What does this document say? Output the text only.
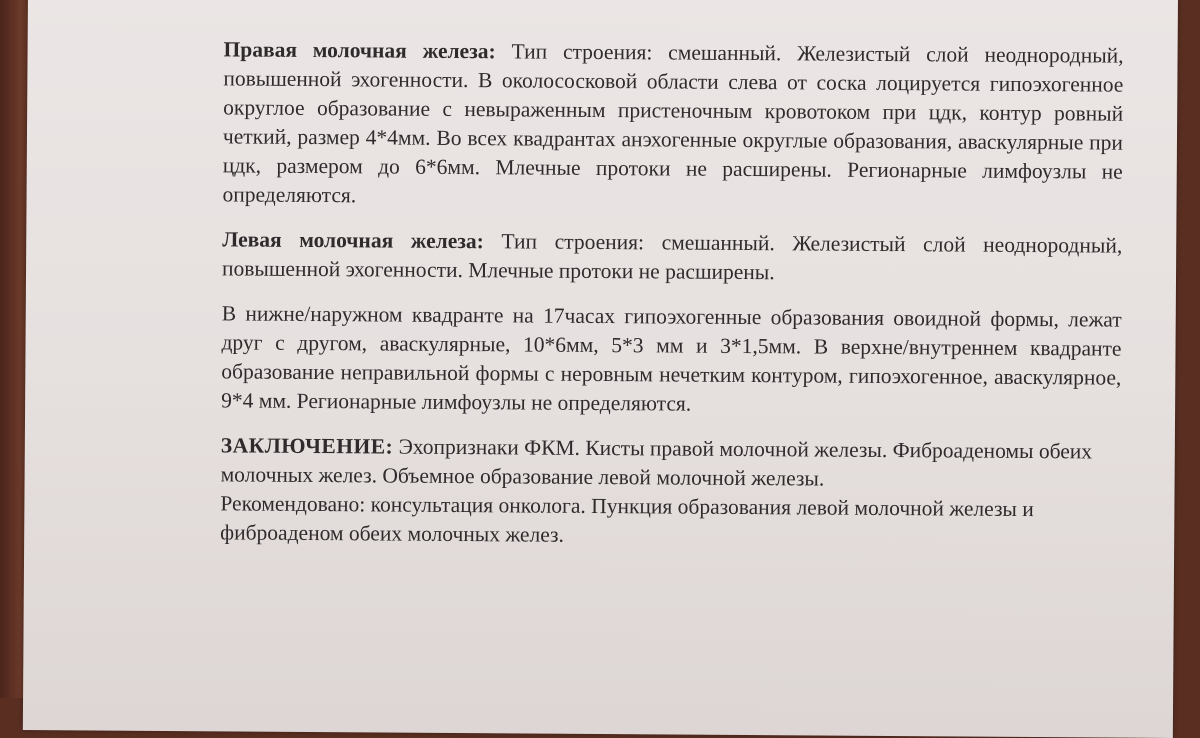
Правая молочная железа: Тип строения: смешанный. Железистый слой неоднородный, повышенной эхогенности. В околососковой области слева от соска лоцируется гипоэхогенное округлое образование с невыраженным пристеночным кровотоком при цдк, контур ровный четкий, размер 4*4мм. Во всех квадрантах анэхогенные округлые образования, аваскулярные при цдк, размером до 6*6мм. Млечные протоки не расширены. Регионарные лимфоузлы не определяются.

Левая молочная железа: Тип строения: смешанный. Железистый слой неоднородный, повышенной эхогенности. Млечные протоки не расширены.

В нижне/наружном квадранте на 17часах гипоэхогенные образования овоидной формы, лежат друг с другом, аваскулярные, 10*6мм, 5*3 мм и 3*1,5мм. В верхне/внутреннем квадранте образование неправильной формы с неровным нечетким контуром, гипоэхогенное, аваскулярное, 9*4 мм. Регионарные лимфоузлы не определяются.

ЗАКЛЮЧЕНИЕ: Эхопризнаки ФКМ. Кисты правой молочной железы. Фиброаденомы обеих молочных желез. Объемное образование левой молочной железы.

Рекомендовано: консультация онколога. Пункция образования левой молочной железы и фиброаденом обеих молочных желез.
